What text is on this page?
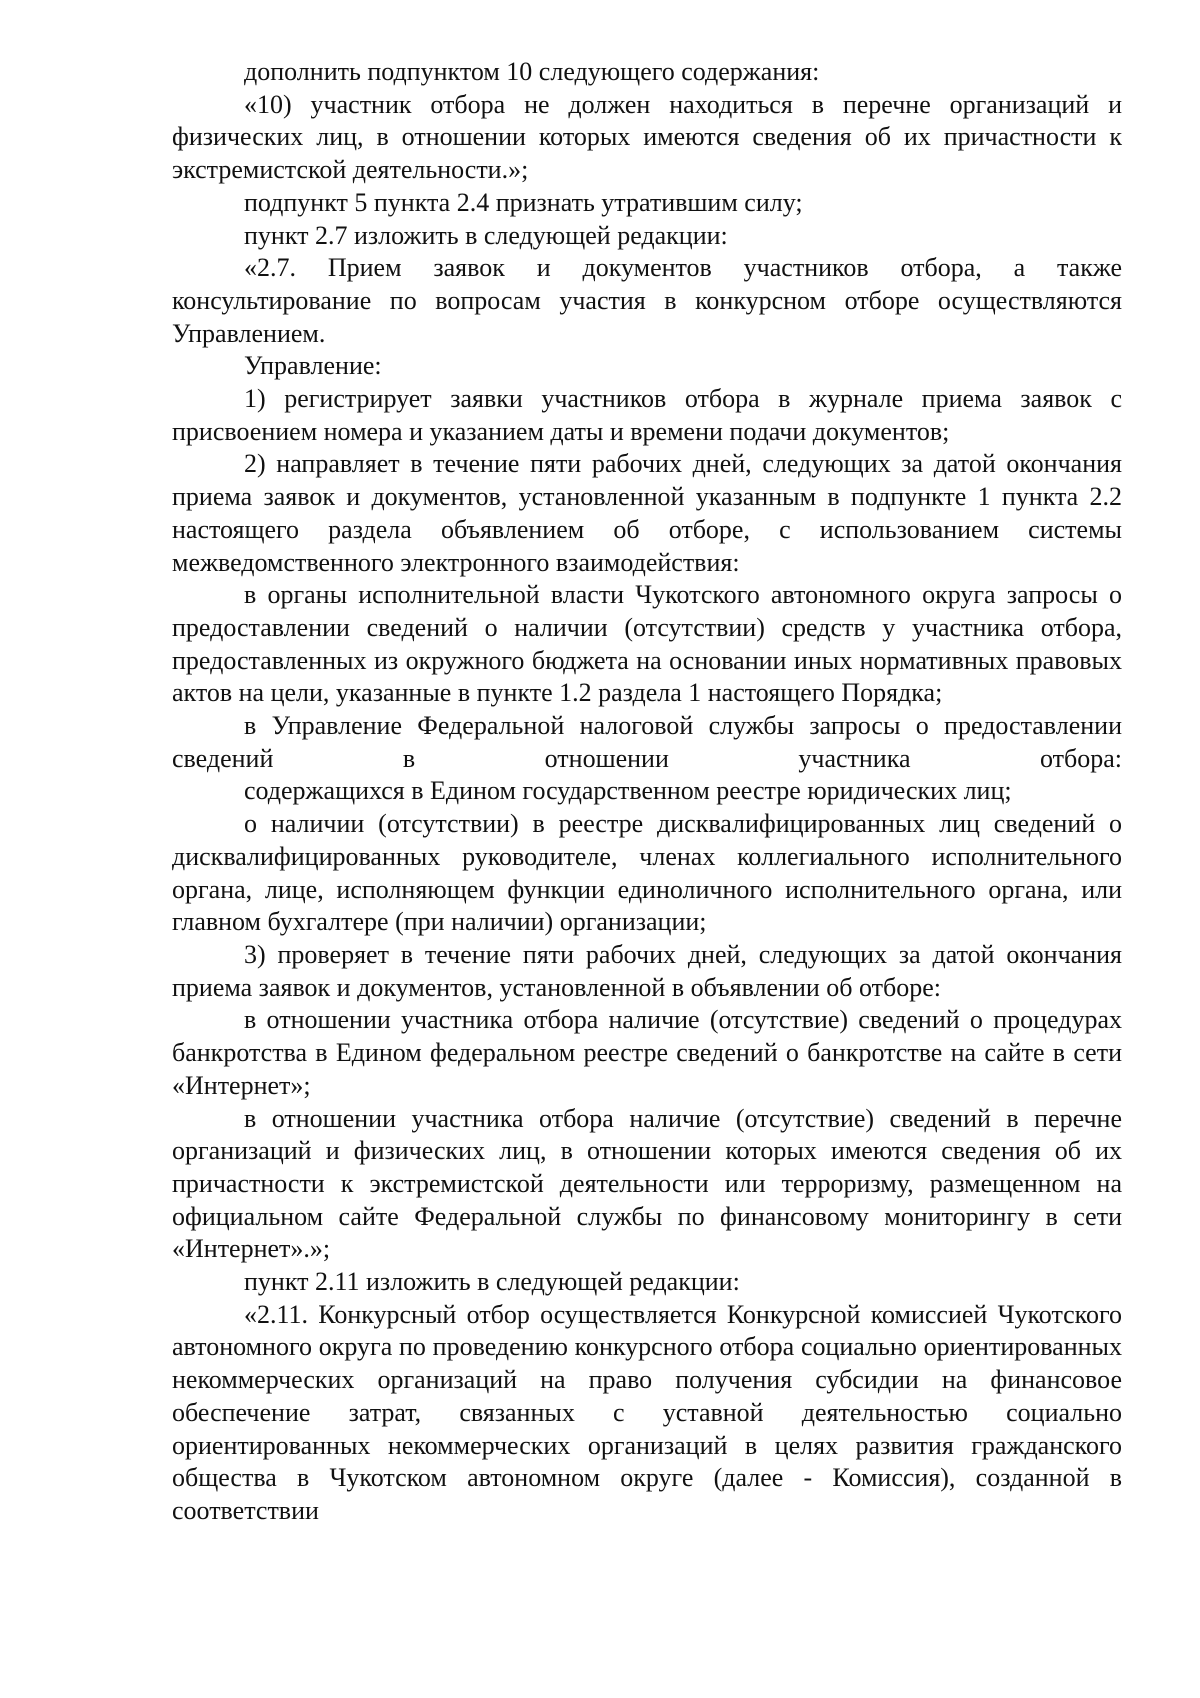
дополнить подпунктом 10 следующего содержания:

«10) участник отбора не должен находиться в перечне организаций и физических лиц, в отношении которых имеются сведения об их причастности к экстремистской деятельности.»;

подпункт 5 пункта 2.4 признать утратившим силу;

пункт 2.7 изложить в следующей редакции:

«2.7. Прием заявок и документов участников отбора, а также консультирование по вопросам участия в конкурсном отборе осуществляются Управлением.

Управление:

1) регистрирует заявки участников отбора в журнале приема заявок с присвоением номера и указанием даты и времени подачи документов;

2) направляет в течение пяти рабочих дней, следующих за датой окончания приема заявок и документов, установленной указанным в подпункте 1 пункта 2.2 настоящего раздела объявлением об отборе, с использованием системы межведомственного электронного взаимодействия:

в органы исполнительной власти Чукотского автономного округа запросы о предоставлении сведений о наличии (отсутствии) средств у участника отбора, предоставленных из окружного бюджета на основании иных нормативных правовых актов на цели, указанные в пункте 1.2 раздела 1 настоящего Порядка;

в Управление Федеральной налоговой службы запросы о предоставлении сведений в отношении участника отбора:

содержащихся в Едином государственном реестре юридических лиц;

о наличии (отсутствии) в реестре дисквалифицированных лиц сведений о дисквалифицированных руководителе, членах коллегиального исполнительного органа, лице, исполняющем функции единоличного исполнительного органа, или главном бухгалтере (при наличии) организации;

3) проверяет в течение пяти рабочих дней, следующих за датой окончания приема заявок и документов, установленной в объявлении об отборе:

в отношении участника отбора наличие (отсутствие) сведений о процедурах банкротства в Едином федеральном реестре сведений о банкротстве на сайте в сети «Интернет»;

в отношении участника отбора наличие (отсутствие) сведений в перечне организаций и физических лиц, в отношении которых имеются сведения об их причастности к экстремистской деятельности или терроризму, размещенном на официальном сайте Федеральной службы по финансовому мониторингу в сети «Интернет».»;

пункт 2.11 изложить в следующей редакции:

«2.11. Конкурсный отбор осуществляется Конкурсной комиссией Чукотского автономного округа по проведению конкурсного отбора социально ориентированных некоммерческих организаций на право получения субсидии на финансовое обеспечение затрат, связанных с уставной деятельностью социально ориентированных некоммерческих организаций в целях развития гражданского общества в Чукотском автономном округе (далее - Комиссия), созданной в соответствии
